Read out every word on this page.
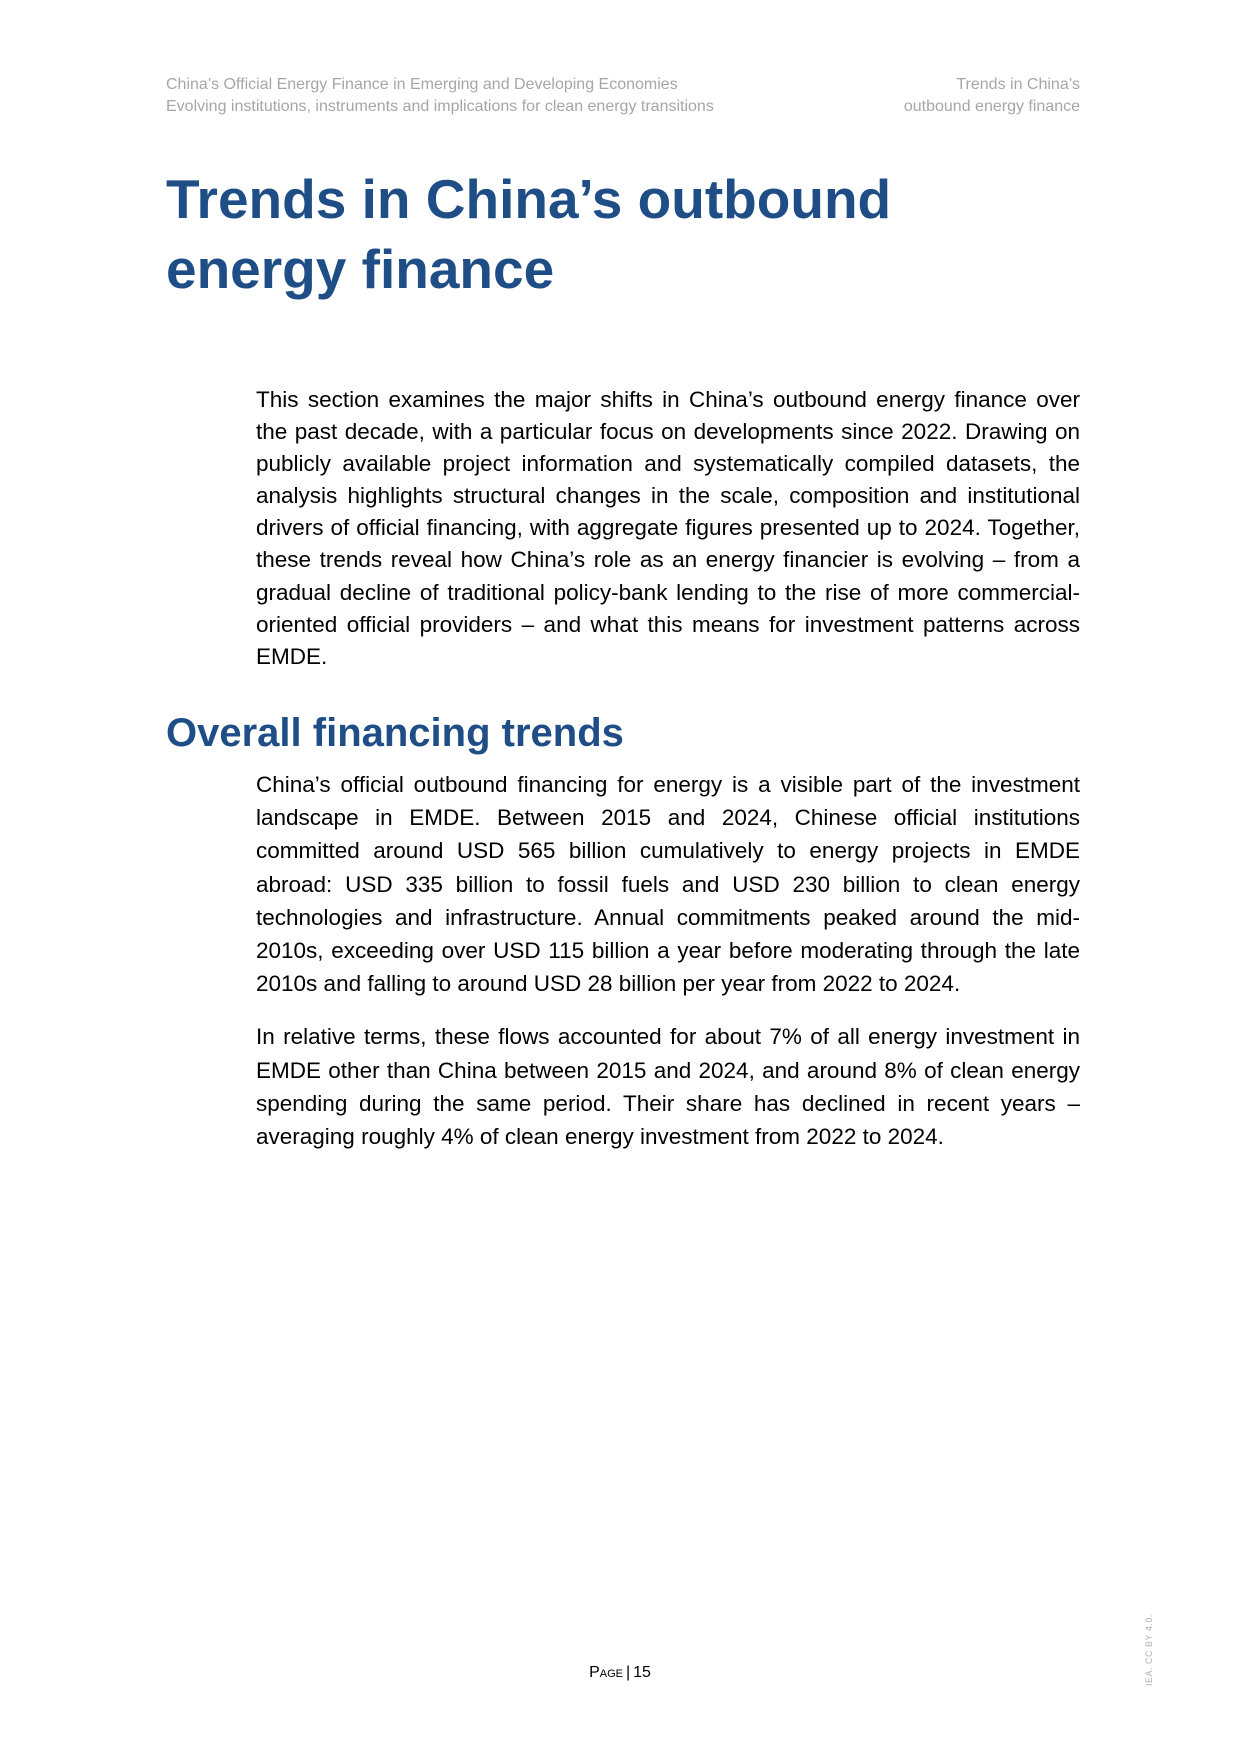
China’s Official Energy Finance in Emerging and Developing Economies
Evolving institutions, instruments and implications for clean energy transitions
Trends in China’s
outbound energy finance
Trends in China’s outbound
energy finance

This section examines the major shifts in China’s outbound energy finance over the past decade, with a particular focus on developments since 2022. Drawing on publicly available project information and systematically compiled datasets, the analysis highlights structural changes in the scale, composition and institutional drivers of official financing, with aggregate figures presented up to 2024. Together, these trends reveal how China’s role as an energy financier is evolving – from a gradual decline of traditional policy-bank lending to the rise of more commercial-oriented official providers – and what this means for investment patterns across EMDE.

Overall financing trends

China’s official outbound financing for energy is a visible part of the investment landscape in EMDE. Between 2015 and 2024, Chinese official institutions committed around USD 565 billion cumulatively to energy projects in EMDE abroad: USD 335 billion to fossil fuels and USD 230 billion to clean energy technologies and infrastructure. Annual commitments peaked around the mid-2010s, exceeding over USD 115 billion a year before moderating through the late 2010s and falling to around USD 28 billion per year from 2022 to 2024.

In relative terms, these flows accounted for about 7% of all energy investment in EMDE other than China between 2015 and 2024, and around 8% of clean energy spending during the same period. Their share has declined in recent years – averaging roughly 4% of clean energy investment from 2022 to 2024.

Page | 15	IEA. CC BY 4.0.
